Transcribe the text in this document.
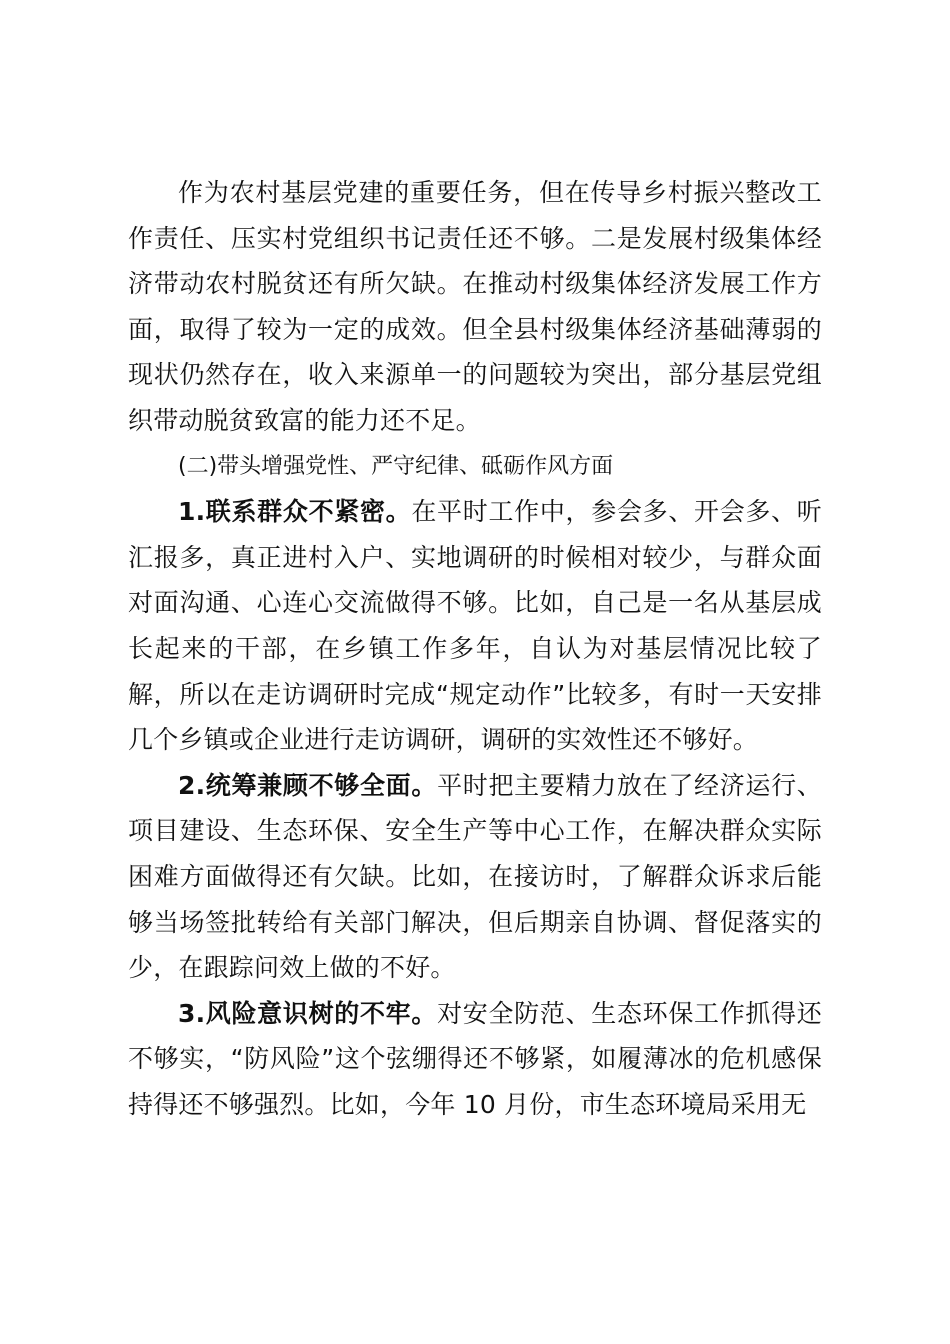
作为农村基层党建的重要任务，但在传导乡村振兴整改工作责任、压实村党组织书记责任还不够。二是发展村级集体经济带动农村脱贫还有所欠缺。在推动村级集体经济发展工作方面，取得了较为一定的成效。但全县村级集体经济基础薄弱的现状仍然存在，收入来源单一的问题较为突出，部分基层党组织带动脱贫致富的能力还不足。

(二)带头增强党性、严守纪律、砥砺作风方面

1.联系群众不紧密。在平时工作中，参会多、开会多、听汇报多，真正进村入户、实地调研的时候相对较少，与群众面对面沟通、心连心交流做得不够。比如，自己是一名从基层成长起来的干部，在乡镇工作多年，自认为对基层情况比较了解，所以在走访调研时完成“规定动作”比较多，有时一天安排几个乡镇或企业进行走访调研，调研的实效性还不够好。

2.统筹兼顾不够全面。平时把主要精力放在了经济运行、项目建设、生态环保、安全生产等中心工作，在解决群众实际困难方面做得还有欠缺。比如，在接访时，了解群众诉求后能够当场签批转给有关部门解决，但后期亲自协调、督促落实的少，在跟踪问效上做的不好。

3.风险意识树的不牢。对安全防范、生态环保工作抓得还不够实，“防风险”这个弦绷得还不够紧，如履薄冰的危机感保持得还不够强烈。比如，今年 10 月份，市生态环境局采用无
